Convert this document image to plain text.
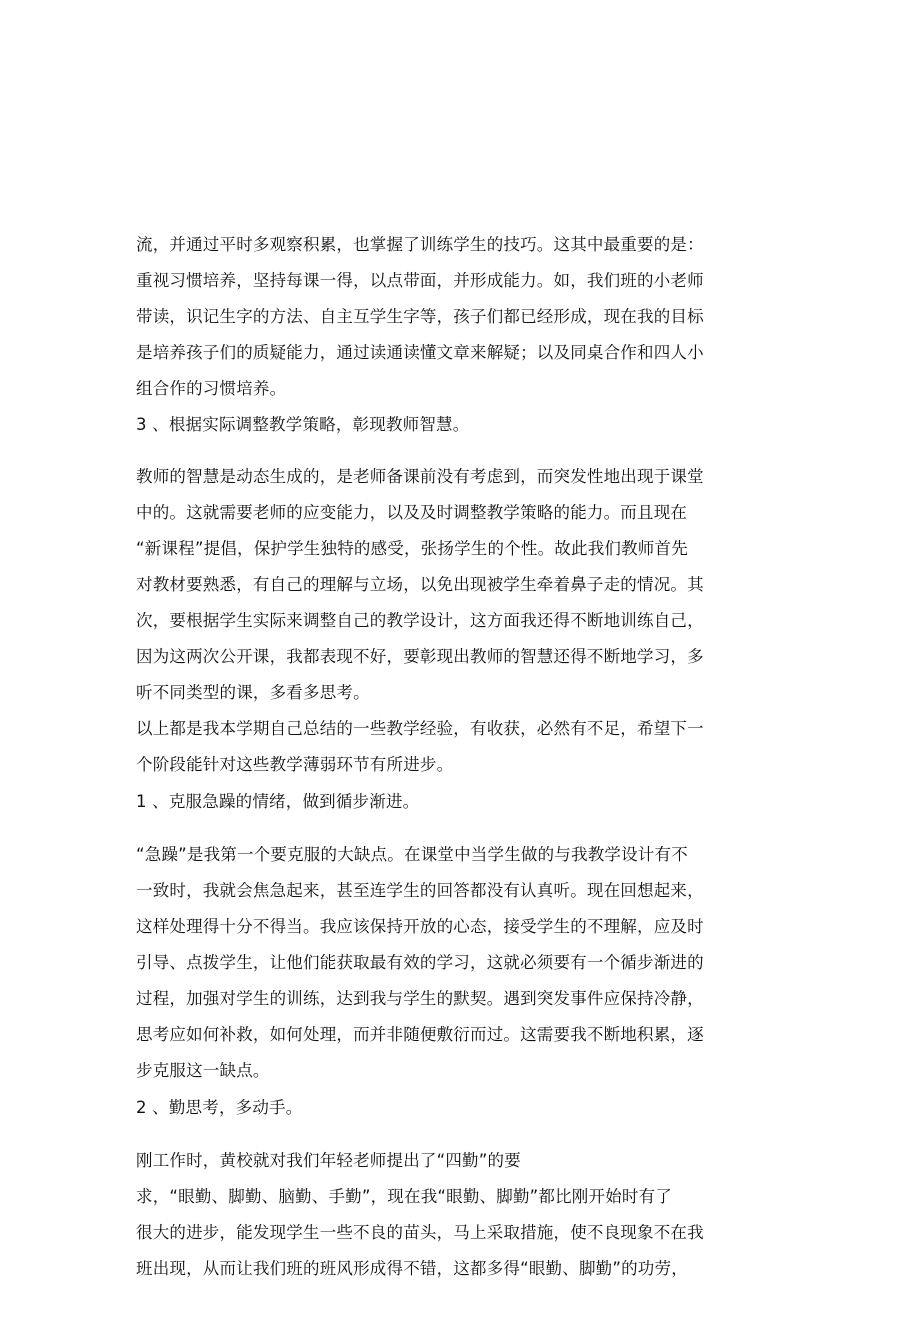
流，并通过平时多观察积累，也掌握了训练学生的技巧。这其中最重要的是：
重视习惯培养，坚持每课一得，以点带面，并形成能力。如，我们班的小老师
带读，识记生字的方法、自主互学生字等，孩子们都已经形成，现在我的目标
是培养孩子们的质疑能力，通过读通读懂文章来解疑；以及同桌合作和四人小
组合作的习惯培养。
3 、根据实际调整教学策略，彰现教师智慧。
教师的智慧是动态生成的，是老师备课前没有考虑到，而突发性地出现于课堂
中的。这就需要老师的应变能力，以及及时调整教学策略的能力。而且现在
“新课程”提倡，保护学生独特的感受，张扬学生的个性。故此我们教师首先
对教材要熟悉，有自己的理解与立场，以免出现被学生牵着鼻子走的情况。其
次，要根据学生实际来调整自己的教学设计，这方面我还得不断地训练自己，
因为这两次公开课，我都表现不好，要彰现出教师的智慧还得不断地学习，多
听不同类型的课，多看多思考。
以上都是我本学期自己总结的一些教学经验，有收获，必然有不足，希望下一
个阶段能针对这些教学薄弱环节有所进步。
1 、克服急躁的情绪，做到循步渐进。
“急躁”是我第一个要克服的大缺点。在课堂中当学生做的与我教学设计有不
一致时，我就会焦急起来，甚至连学生的回答都没有认真听。现在回想起来，
这样处理得十分不得当。我应该保持开放的心态，接受学生的不理解，应及时
引导、点拨学生，让他们能获取最有效的学习，这就必须要有一个循步渐进的
过程，加强对学生的训练，达到我与学生的默契。遇到突发事件应保持冷静，
思考应如何补救，如何处理，而并非随便敷衍而过。这需要我不断地积累，逐
步克服这一缺点。
2 、勤思考，多动手。
刚工作时，黄校就对我们年轻老师提出了“四勤”的要
求，“眼勤、脚勤、脑勤、手勤”，现在我“眼勤、脚勤”都比刚开始时有了
很大的进步，能发现学生一些不良的苗头，马上采取措施，使不良现象不在我
班出现，从而让我们班的班风形成得不错，这都多得“眼勤、脚勤”的功劳，
